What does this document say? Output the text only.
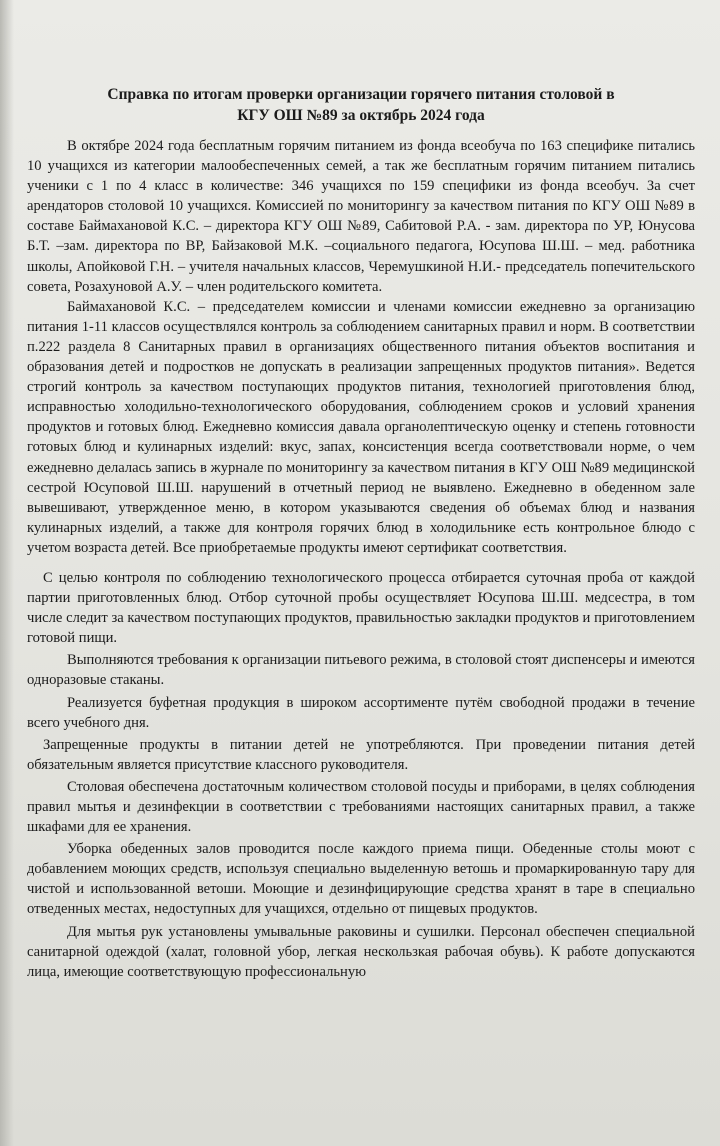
Справка по итогам проверки организации горячего питания столовой в
КГУ ОШ №89 за октябрь 2024 года

В октябре 2024 года бесплатным горячим питанием из фонда всеобуча по 163 специфике питались 10 учащихся из категории малообеспеченных семей, а так же бесплатным горячим питанием питались ученики с 1 по 4 класс в количестве: 346 учащихся по 159 специфики из фонда всеобуч. За счет арендаторов столовой 10 учащихся. Комиссией по мониторингу за качеством питания по КГУ ОШ №89 в составе Баймахановой К.С. – директора КГУ ОШ №89, Сабитовой Р.А. - зам. директора по УР, Юнусова Б.Т. –зам. директора по ВР, Байзаковой М.К. –социального педагога, Юсупова Ш.Ш. – мед. работника школы, Апойковой Г.Н. – учителя начальных классов, Черемушкиной Н.И.- председатель попечительского совета, Розахуновой А.У. – член родительского комитета.

Баймахановой К.С. – председателем комиссии и членами комиссии ежедневно за организацию питания 1-11 классов осуществлялся контроль за соблюдением санитарных правил и норм. В соответствии п.222 раздела 8 Санитарных правил в организациях общественного питания объектов воспитания и образования детей и подростков не допускать в реализации запрещенных продуктов питания». Ведется строгий контроль за качеством поступающих продуктов питания, технологией приготовления блюд, исправностью холодильно-технологического оборудования, соблюдением сроков и условий хранения продуктов и готовых блюд. Ежедневно комиссия давала органолептическую оценку и степень готовности готовых блюд и кулинарных изделий: вкус, запах, консистенция всегда соответствовали норме, о чем ежедневно делалась запись в журнале по мониторингу за качеством питания в КГУ ОШ №89 медицинской сестрой Юсуповой Ш.Ш. нарушений в отчетный период не выявлено. Ежедневно в обеденном зале вывешивают, утвержденное меню, в котором указываются сведения об объемах блюд и названия кулинарных изделий, а также для контроля горячих блюд в холодильнике есть контрольное блюдо с учетом возраста детей. Все приобретаемые продукты имеют сертификат соответствия.

С целью контроля по соблюдению технологического процесса отбирается суточная проба от каждой партии приготовленных блюд. Отбор суточной пробы осуществляет Юсупова Ш.Ш. медсестра, в том числе следит за качеством поступающих продуктов, правильностью закладки продуктов и приготовлением готовой пищи.

Выполняются требования к организации питьевого режима, в столовой стоят диспенсеры и имеются одноразовые стаканы.

Реализуется буфетная продукция в широком ассортименте путём свободной продажи в течение всего учебного дня.

Запрещенные продукты в питании детей не употребляются. При проведении питания детей обязательным является присутствие классного руководителя.

Столовая обеспечена достаточным количеством столовой посуды и приборами, в целях соблюдения правил мытья и дезинфекции в соответствии с требованиями настоящих санитарных правил, а также шкафами для ее хранения.

Уборка обеденных залов проводится после каждого приема пищи. Обеденные столы моют с добавлением моющих средств, используя специально выделенную ветошь и промаркированную тару для чистой и использованной ветоши. Моющие и дезинфицирующие средства хранят в таре в специально отведенных местах, недоступных для учащихся, отдельно от пищевых продуктов.

Для мытья рук установлены умывальные раковины и сушилки. Персонал обеспечен специальной санитарной одеждой (халат, головной убор, легкая нескользкая рабочая обувь). К работе допускаются лица, имеющие соответствующую профессиональную
